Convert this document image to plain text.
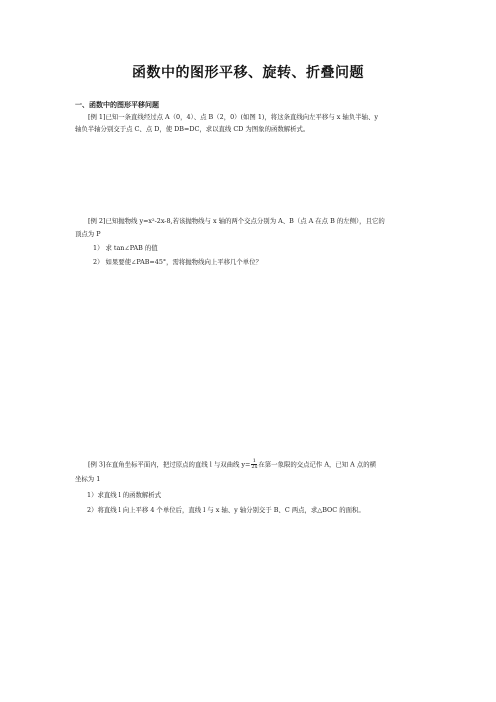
函数中的图形平移、旋转、折叠问题
一、函数中的图形平移问题
[例 1]已知一条直线经过点 A（0，4）、点 B（2，0）(如图 1)，将这条直线向左平移与 x 轴负半轴、y
轴负半轴分别交于点 C、点 D，使 DB=DC，求以直线 CD 为图象的函数解析式。
[例 2]已知抛物线 y=x²-2x-8,若该抛物线与 x 轴的两个交点分别为 A、B（点 A 在点 B 的左侧），且它的
顶点为 P
1） 求 tan∠PAB 的值
2） 如果要使∠PAB=45°，需将抛物线向上平移几个单位？
[例 3]在直角坐标平面内，把过原点的直线 l 与双曲线 $y= \frac{1}{2x}$ 在第一象限的交点记作 A，已知 A 点的横
坐标为 1
1）求直线 l 的函数解析式
2）将直线 l 向上平移 4 个单位后，直线 l 与 x 轴、y 轴分别交于 B、C 两点，求△BOC 的面积。
